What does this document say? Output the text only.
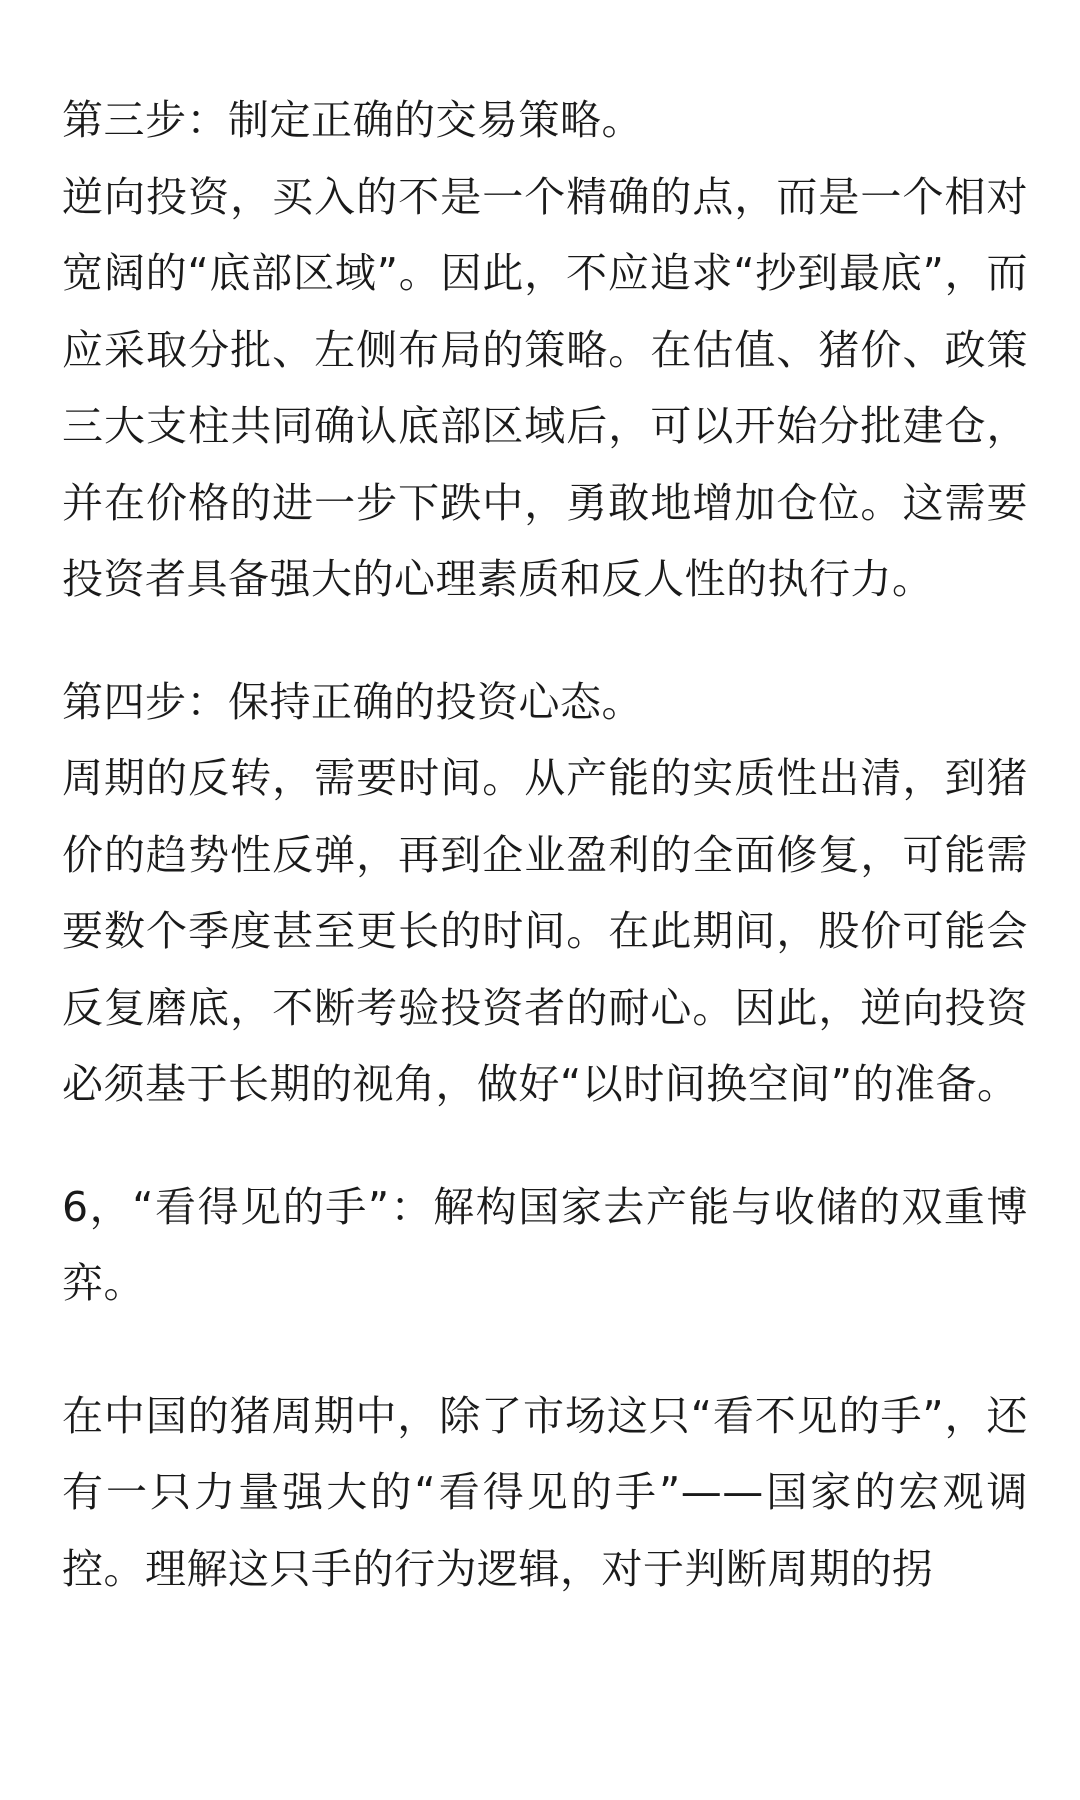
第三步：制定正确的交易策略。

逆向投资，买入的不是一个精确的点，而是一个相对宽阔的“底部区域”。因此，不应追求“抄到最底”，而应采取分批、左侧布局的策略。在估值、猪价、政策三大支柱共同确认底部区域后，可以开始分批建仓，并在价格的进一步下跌中，勇敢地增加仓位。这需要投资者具备强大的心理素质和反人性的执行力。

第四步：保持正确的投资心态。

周期的反转，需要时间。从产能的实质性出清，到猪价的趋势性反弹，再到企业盈利的全面修复，可能需要数个季度甚至更长的时间。在此期间，股价可能会反复磨底，不断考验投资者的耐心。因此，逆向投资必须基于长期的视角，做好“以时间换空间”的准备。

6，“看得见的手”：解构国家去产能与收储的双重博弈。

在中国的猪周期中，除了市场这只“看不见的手”，还有一只力量强大的“看得见的手”——国家的宏观调控。理解这只手的行为逻辑，对于判断周期的拐
